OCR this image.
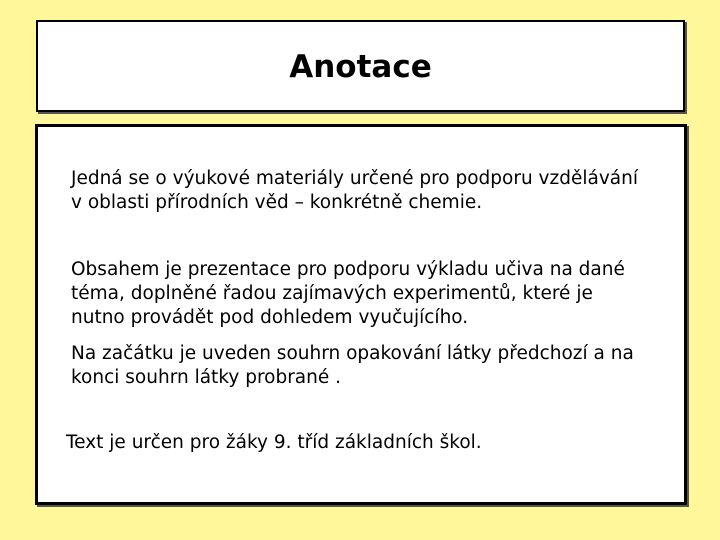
Anotace

Jedná se o výukové materiály určené pro podporu vzdělávání
v oblasti přírodních věd – konkrétně chemie.

Obsahem je prezentace pro podporu výkladu učiva na dané
téma, doplněné řadou zajímavých experimentů, které je
nutno provádět pod dohledem vyučujícího.

Na začátku je uveden souhrn opakování látky předchozí a na
konci souhrn látky probrané .

Text je určen pro žáky 9. tříd základních škol.
